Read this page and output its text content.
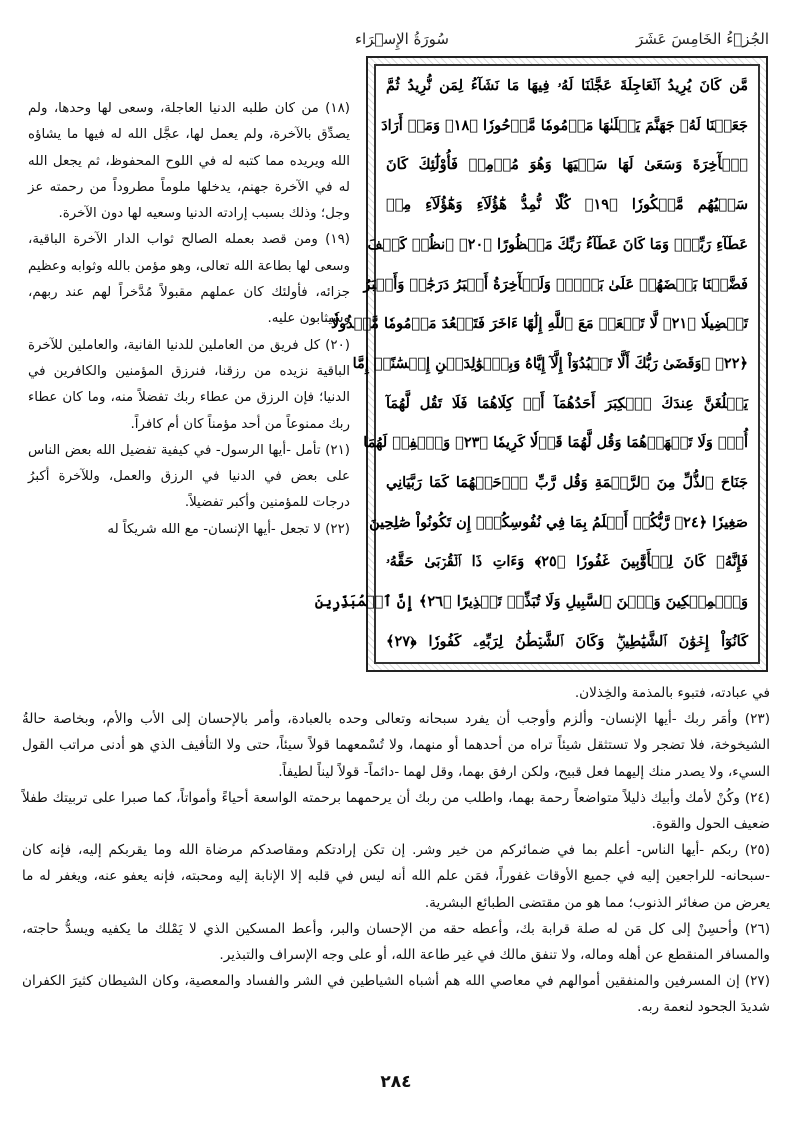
سُورَةُ الإِسۡرَاء	الجُزۡءُ الخَامِسَ عَشَرَ
مَّن كَانَ يُرِيدُ ٱلۡعَاجِلَةَ عَجَّلۡنَا لَهُۥ فِيهَا مَا نَشَآءُ لِمَن نُّرِيدُ ثُمَّ
جَعَلۡنَا لَهُۥ جَهَنَّمَ يَصۡلَىٰهَا مَذۡمُومٗا مَّدۡحُورٗا ﴿١٨﴾ وَمَنۡ أَرَادَ
ٱلۡأٓخِرَةَ وَسَعَىٰ لَهَا سَعۡيَهَا وَهُوَ مُؤۡمِنٞ فَأُوْلَٰٓئِكَ كَانَ
سَعۡيُهُم مَّشۡكُورٗا ﴿١٩﴾ كُلّٗا نُّمِدُّ هَٰٓؤُلَآءِ وَهَٰٓؤُلَآءِ مِنۡ
عَطَآءِ رَبِّكَۚ وَمَا كَانَ عَطَآءُ رَبِّكَ مَحۡظُورًا ﴿٢٠﴾ ٱنظُرۡ كَيۡفَ
فَضَّلۡنَا بَعۡضَهُمۡ عَلَىٰ بَعۡضٖۚ وَلَلۡأٓخِرَةُ أَكۡبَرُ دَرَجَٰتٖ وَأَكۡبَرُ
تَفۡضِيلٗا ﴿٢١﴾ لَّا تَجۡعَلۡ مَعَ ٱللَّهِ إِلَٰهًا ءَاخَرَ فَتَقۡعُدَ مَذۡمُومٗا مَّخۡذُولٗا
﴿٢٢﴾ ۞وَقَضَىٰ رَبُّكَ أَلَّا تَعۡبُدُوٓاْ إِلَّآ إِيَّاهُ وَبِٱلۡوَٰلِدَيۡنِ إِحۡسَٰنًاۚ إِمَّا
يَبۡلُغَنَّ عِندَكَ ٱلۡكِبَرَ أَحَدُهُمَآ أَوۡ كِلَاهُمَا فَلَا تَقُل لَّهُمَآ
أُفّٖ وَلَا تَنۡهَرۡهُمَا وَقُل لَّهُمَا قَوۡلٗا كَرِيمٗا ﴿٢٣﴾ وَٱخۡفِضۡ لَهُمَا
جَنَاحَ ٱلذُّلِّ مِنَ ٱلرَّحۡمَةِ وَقُل رَّبِّ ٱرۡحَمۡهُمَا كَمَا رَبَّيَانِي
صَغِيرٗا ﴿٢٤﴾ رَّبُّكُمۡ أَعۡلَمُ بِمَا فِي نُفُوسِكُمۡۚ إِن تَكُونُواْ صَٰلِحِينَ
فَإِنَّهُۥ كَانَ لِلۡأَوَّٰبِينَ غَفُورٗا ﴿٢٥﴾ وَءَاتِ ذَا ٱلۡقُرۡبَىٰ حَقَّهُۥ
وَٱلۡمِسۡكِينَ وَٱبۡنَ ٱلسَّبِيلِ وَلَا تُبَذِّرۡ تَبۡذِيرًا ﴿٢٦﴾ إِنَّ ٱلۡمُبَذِّرِينَ
كَانُوٓاْ إِخۡوَٰنَ ٱلشَّيَٰطِينِۖ وَكَانَ ٱلشَّيۡطَٰنُ لِرَبِّهِۦ كَفُورٗا ﴿٢٧﴾

(١٨) من كان طلبه الدنيا العاجلة، وسعى لها وحدها، ولم يصدِّق بالآخرة، ولم يعمل لها، عجَّل الله له فيها ما يشاؤه الله ويريده مما كتبه له في اللوح المحفوظ، ثم يجعل الله له في الآخرة جهنم، يدخلها ملوماً مطروداً من رحمته عز وجل؛ وذلك بسبب إرادته الدنيا وسعيه لها دون الآخرة.

(١٩) ومن قصد بعمله الصالح ثواب الدار الآخرة الباقية، وسعى لها بطاعة الله تعالى، وهو مؤمن بالله وثوابه وعظيم جزائه، فأولئك كان عملهم مقبولاً مُدَّخراً لهم عند ربهم، وسيثابون عليه.

(٢٠) كل فريق من العاملين للدنيا الفانية، والعاملين للآخرة الباقية نزيده من رزقنا، فنرزق المؤمنين والكافرين في الدنيا؛ فإن الرزق من عطاء ربك تفضلاً منه، وما كان عطاء ربك ممنوعاً من أحد مؤمناً كان أم كافراً.

(٢١) تأمل -أيها الرسول- في كيفية تفضيل الله بعض الناس على بعض في الدنيا في الرزق والعمل، وللآخرة أكبرُ درجات للمؤمنين وأكبر تفضيلاً.

(٢٢) لا تجعل -أيها الإنسان- مع الله شريكاً له

في عبادته، فتبوء بالمذمة والخِذلان.

(٢٣) وأمَر ربك -أيها الإنسان- وألزم وأوجب أن يفرد سبحانه وتعالى وحده بالعبادة، وأمر بالإحسان إلى الأب والأم، وبخاصة حالةُ الشيخوخة، فلا تضجر ولا تستثقل شيئاً تراه من أحدهما أو منهما، ولا تُسْمعهما قولاً سيئاً، حتى ولا التأفيف الذي هو أدنى مراتب القول السيء، ولا يصدر منك إليهما فعل قبيح، ولكن ارفق بهما، وقل لهما -دائماً- قولاً ليناً لطيفاً.

(٢٤) وكُنْ لأمك وأبيك ذليلاً متواضعاً رحمة بهما، واطلب من ربك أن يرحمهما برحمته الواسعة أحياءً وأمواتاً، كما صبرا على تربيتك طفلاً ضعيف الحول والقوة.

(٢٥) ربكم -أيها الناس- أعلم بما في ضمائركم من خير وشر. إن تكن إرادتكم ومقاصدكم مرضاة الله وما يقربكم إليه، فإنه كان -سبحانه- للراجعين إليه في جميع الأوقات غفوراً، فمَن علم الله أنه ليس في قلبه إلا الإنابة إليه ومحبته، فإنه يعفو عنه، ويغفر له ما يعرض من صغائر الذنوب؛ مما هو من مقتضى الطبائع البشرية.

(٢٦) وأحسِنْ إلى كل مَن له صلة قرابة بك، وأعطه حقه من الإحسان والبر، وأعط المسكين الذي لا يَمْلك ما يكفيه ويسدُّ حاجته، والمسافر المنقطع عن أهله وماله، ولا تنفق مالك في غير طاعة الله، أو على وجه الإسراف والتبذير.

(٢٧) إن المسرفين والمنفقين أموالهم في معاصي الله هم أشباه الشياطين في الشر والفساد والمعصية، وكان الشيطان كثيرَ الكفران شديدَ الجحود لنعمة ربه.

٢٨٤
